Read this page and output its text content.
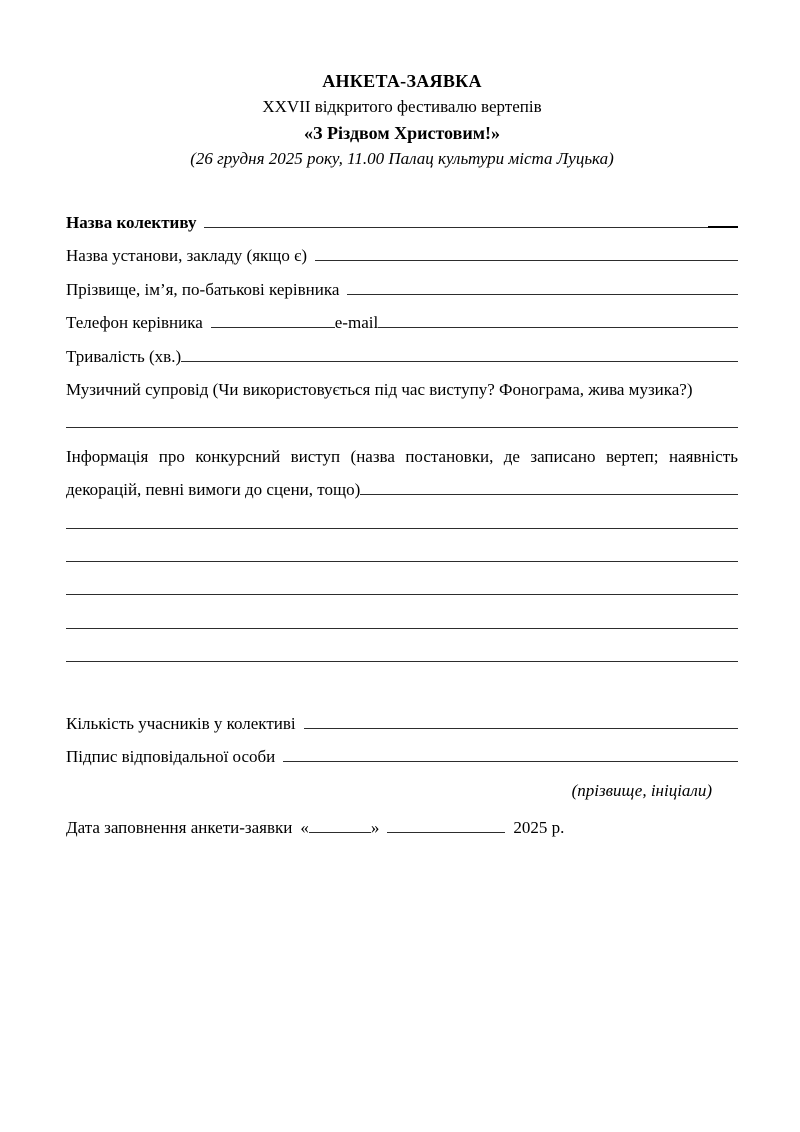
АНКЕТА-ЗАЯВКА
XXVII відкритого фестивалю вертепів
«З Різдвом Христовим!»
(26 грудня 2025 року, 11.00 Палац культури міста Луцька)
Назва колективу
Назва установи, закладу (якщо є)
Прізвище, ім’я, по-батькові керівника
Телефон керівника	e-mail
Тривалість (хв.)
Музичний супровід (Чи використовується під час виступу? Фонограма, жива музика?)
Інформація про конкурсний виступ (назва постановки, де записано вертеп; наявність
декорацій, певні вимоги до сцени, тощо)
Кількість учасників у колективі
Підпис відповідальної особи
(прізвище, ініціали)
Дата заповнення анкети-заявки «	»	2025 р.
